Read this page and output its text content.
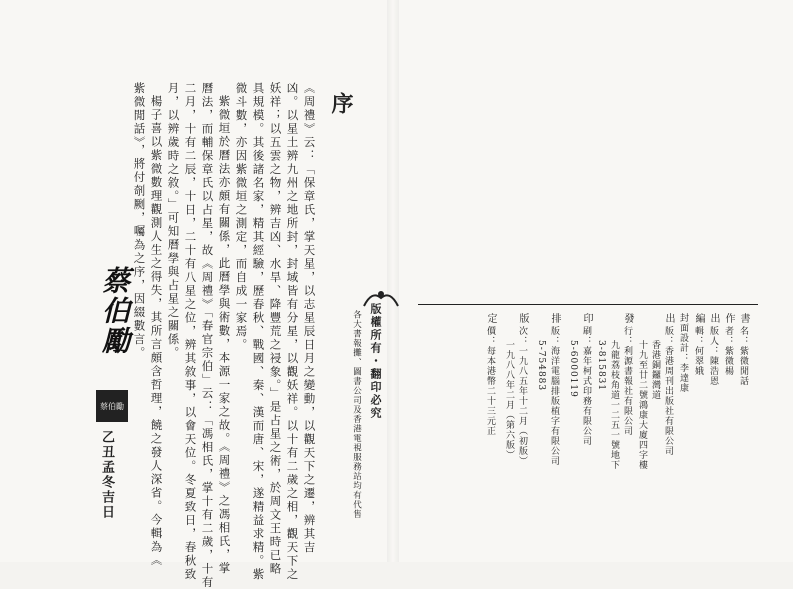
序
《周禮》云：「保章氏，掌天星，以志星辰日月之變動，以觀天下之遷，辨其吉
凶。以星土辨九州之地所封，封域皆有分星，以觀妖祥。以十有二歲之相，觀天下之
妖祥；以五雲之物，辨吉凶、水旱、降豐荒之祲象。」是占星之術，於周文王時已略
具規模。其後諸名家，精其經驗，歷春秋、戰國、秦、漢而唐、宋，遂精益求精。紫
微斗數，亦因紫微垣之測定，而自成一家焉。
紫微垣於曆法亦頗有關係，此曆學與術數，本源一家之故。《周禮》之馮相氏，掌
曆法，而輔保章氏以占星，故《周禮》「春官宗伯」云：「馮相氏，掌十有二歲，十有
二月，十有二辰，十日，二十有八星之位，辨其敘事，以會天位。冬夏致日，春秋致
月，以辨歲時之敘。」可知曆學與占星之關係。
楊子喜以紫微數理觀測人生之得失，其所言頗含哲理，饒之發人深省。今輯為《
紫微閒話》，將付剞劂，囑為之序，因綴數言。
蔡伯勵
蔡伯勵
乙丑孟冬吉日
書
名：紫微閒話
作
者：紫微楊
出
版人：陳浩恩
編
輯：何翠娥
封面設計：李達康
出
版：香港周刊出版社有限公司
香港銅鑼灣道
十九至廿二號鴻康大廈四字樓
發
行：利源書報社有限公司
九龍荔枝角道一二五一號地下
3-815831
印
刷：嘉年柯式印務有限公司
5-6000119
排
版：海洋電腦排版植字有限公司
5-754883
版
次：一九八五年十二月（初版）
一九八八年二月（第六版）
定
價：每本港幣二十三元正
版權所有・翻印必究
各大書報攤、圖書公司及香港電視服務站均有代售
